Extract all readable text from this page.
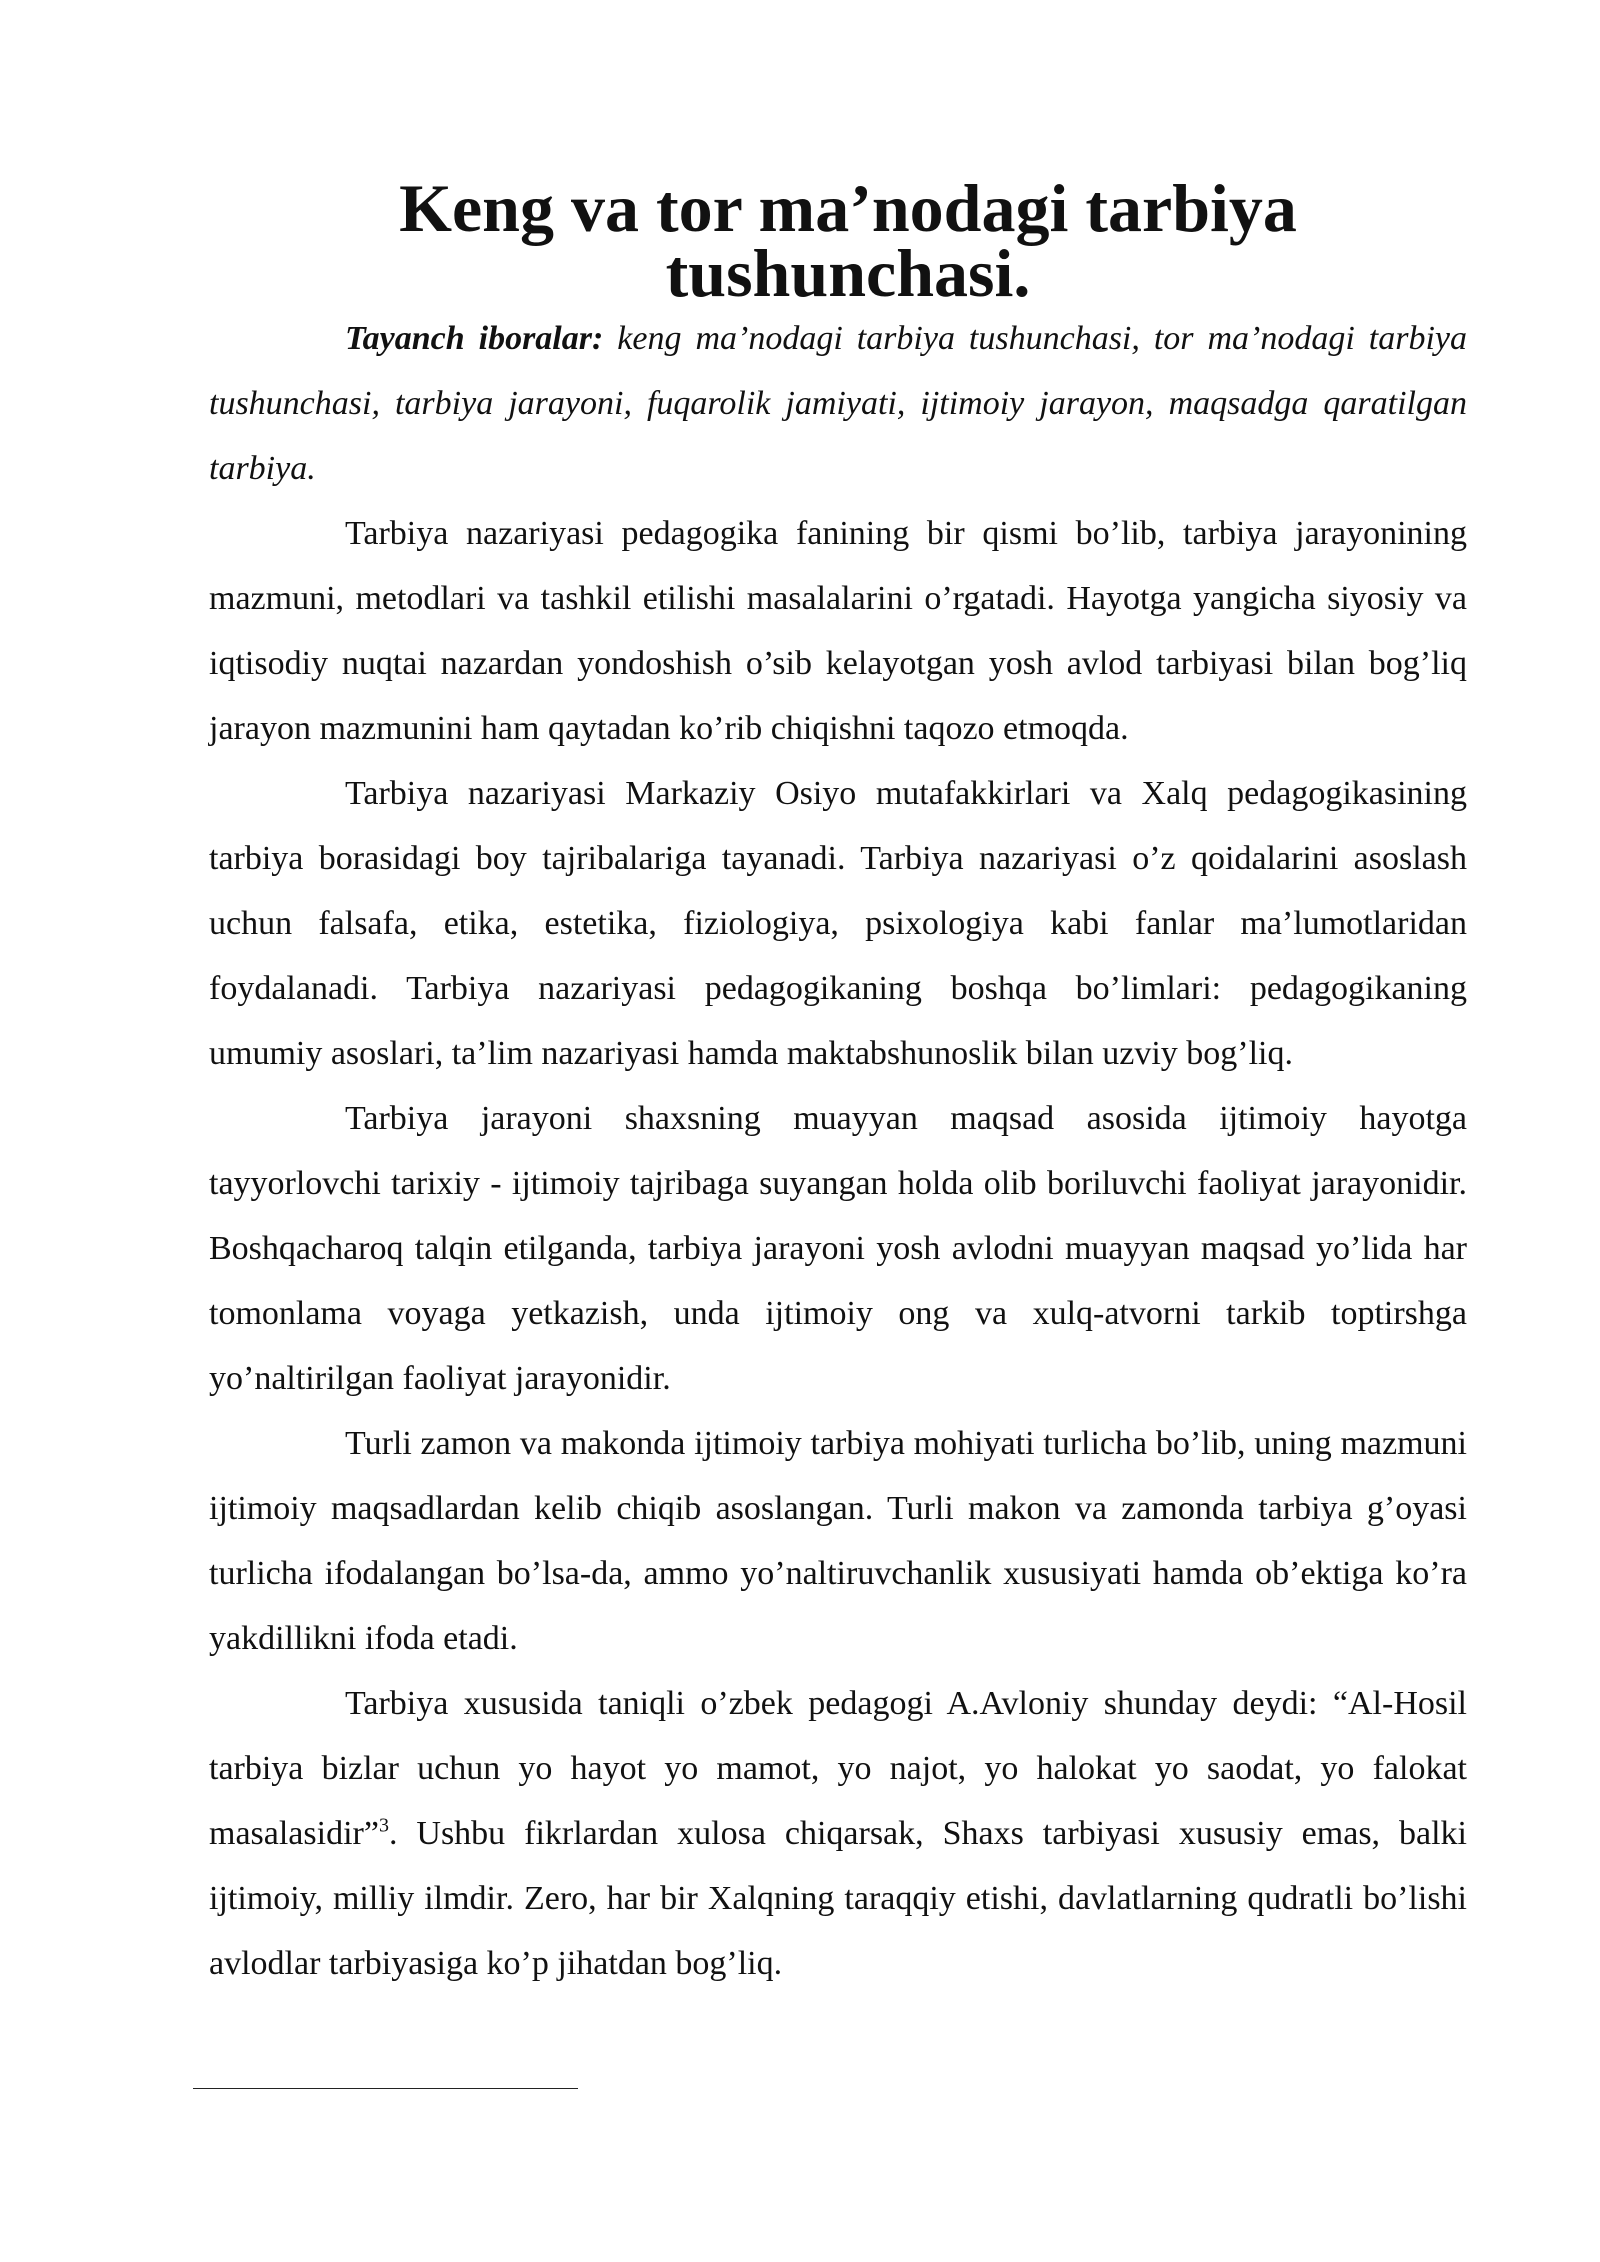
Keng va tor ma’nodagi tarbiya tushunchasi.

Tayanch iboralar: keng ma’nodagi tarbiya tushunchasi, tor ma’nodagi tarbiya tushunchasi, tarbiya jarayoni, fuqarolik jamiyati, ijtimoiy jarayon, maqsadga qaratilgan tarbiya.

Tarbiya nazariyasi pedagogika fanining bir qismi bo’lib, tarbiya jarayonining mazmuni, metodlari va tashkil etilishi masalalarini o’rgatadi. Hayotga yangicha siyosiy va iqtisodiy nuqtai nazardan yondoshish o’sib kelayotgan yosh avlod tarbiyasi bilan bog’liq jarayon mazmunini ham qaytadan ko’rib chiqishni taqozo etmoqda.

Tarbiya nazariyasi Markaziy Osiyo mutafakkirlari va Xalq pedagogikasining tarbiya borasidagi boy tajribalariga tayanadi. Tarbiya nazariyasi o’z qoidalarini asoslash uchun falsafa, etika, estetika, fiziologiya, psixologiya kabi fanlar ma’lumotlaridan foydalanadi. Tarbiya nazariyasi pedagogikaning boshqa bo’limlari: pedagogikaning umumiy asoslari, ta’lim nazariyasi hamda maktabshunoslik bilan uzviy bog’liq.

Tarbiya jarayoni shaxsning muayyan maqsad asosida ijtimoiy hayotga tayyorlovchi tarixiy - ijtimoiy tajribaga suyangan holda olib boriluvchi faoliyat jarayonidir. Boshqacharoq talqin etilganda, tarbiya jarayoni yosh avlodni muayyan maqsad yo’lida har tomonlama voyaga yetkazish, unda ijtimoiy ong va xulq-atvorni tarkib toptirshga yo’naltirilgan faoliyat jarayonidir.

Turli zamon va makonda ijtimoiy tarbiya mohiyati turlicha bo’lib, uning mazmuni ijtimoiy maqsadlardan kelib chiqib asoslangan. Turli makon va zamonda tarbiya g’oyasi turlicha ifodalangan bo’lsa-da, ammo yo’naltiruvchanlik xususiyati hamda ob’ektiga ko’ra yakdillikni ifoda etadi.

Tarbiya xususida taniqli o’zbek pedagogi A.Avloniy shunday deydi: “Al-Hosil tarbiya bizlar uchun yo hayot yo mamot, yo najot, yo halokat yo saodat, yo falokat masalasidir”$^3$. Ushbu fikrlardan xulosa chiqarsak, Shaxs tarbiyasi xususiy emas, balki ijtimoiy, milliy ilmdir. Zero, har bir Xalqning taraqqiy etishi, davlatlarning qudratli bo’lishi avlodlar tarbiyasiga ko’p jihatdan bog’liq.
